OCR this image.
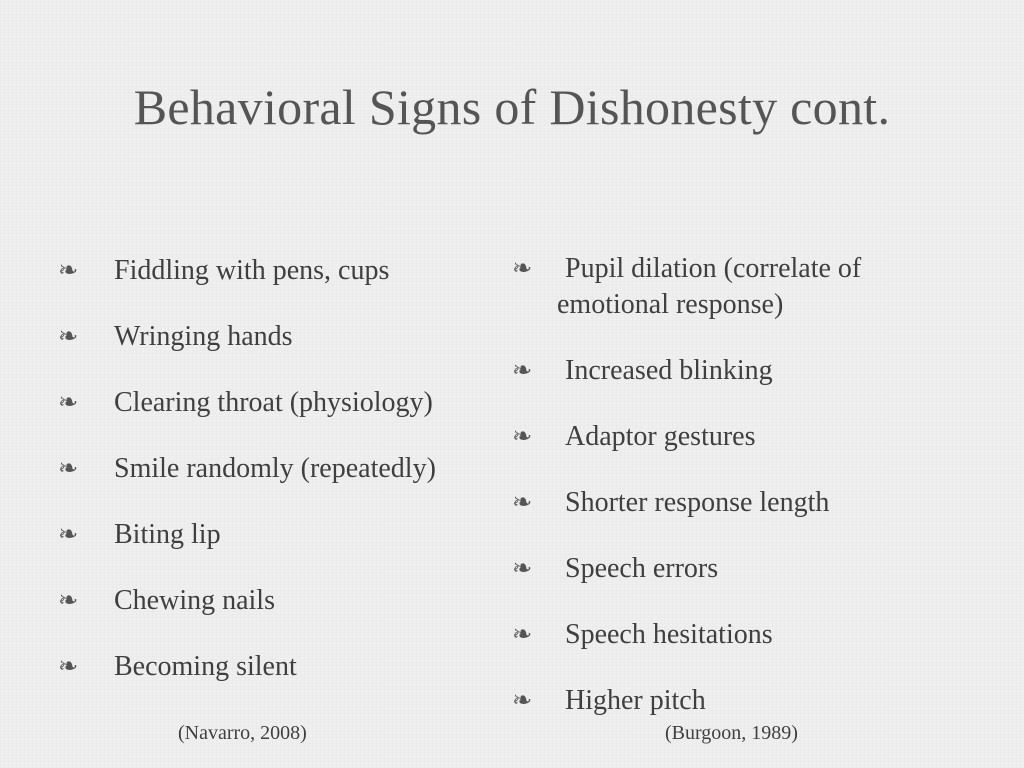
Behavioral Signs of Dishonesty cont.
❧	Fiddling with pens, cups
❧	Wringing hands
❧	Clearing throat (physiology)
❧	Smile randomly (repeatedly)
❧	Biting lip
❧	Chewing nails
❧	Becoming silent
❧	Pupil dilation (correlate of
emotional response)
❧	Increased blinking
❧	Adaptor gestures
❧	Shorter response length
❧	Speech errors
❧	Speech hesitations
❧	Higher pitch
(Navarro, 2008)	(Burgoon, 1989)
